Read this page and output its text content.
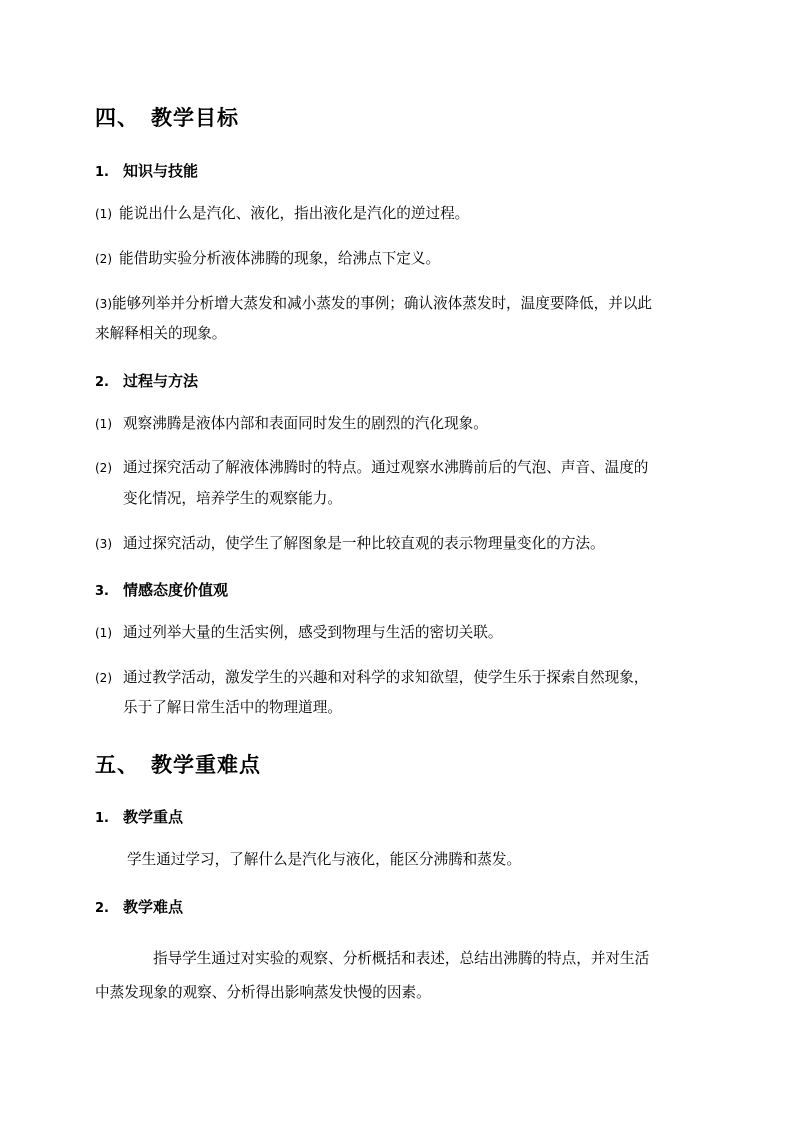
四、 教学目标
1. 知识与技能
(1) 能说出什么是汽化、液化，指出液化是汽化的逆过程。
(2) 能借助实验分析液体沸腾的现象，给沸点下定义。
(3)能够列举并分析增大蒸发和减小蒸发的事例；确认液体蒸发时，温度要降低，并以此
来解释相关的现象。
2. 过程与方法
(1) 观察沸腾是液体内部和表面同时发生的剧烈的汽化现象。
(2) 通过探究活动了解液体沸腾时的特点。通过观察水沸腾前后的气泡、声音、温度的
变化情况，培养学生的观察能力。
(3) 通过探究活动，使学生了解图象是一种比较直观的表示物理量变化的方法。
3. 情感态度价值观
(1) 通过列举大量的生活实例，感受到物理与生活的密切关联。
(2) 通过教学活动，激发学生的兴趣和对科学的求知欲望，使学生乐于探索自然现象，
乐于了解日常生活中的物理道理。
五、 教学重难点
1. 教学重点
学生通过学习，了解什么是汽化与液化，能区分沸腾和蒸发。
2. 教学难点
指导学生通过对实验的观察、分析概括和表述，总结出沸腾的特点，并对生活
中蒸发现象的观察、分析得出影响蒸发快慢的因素。
